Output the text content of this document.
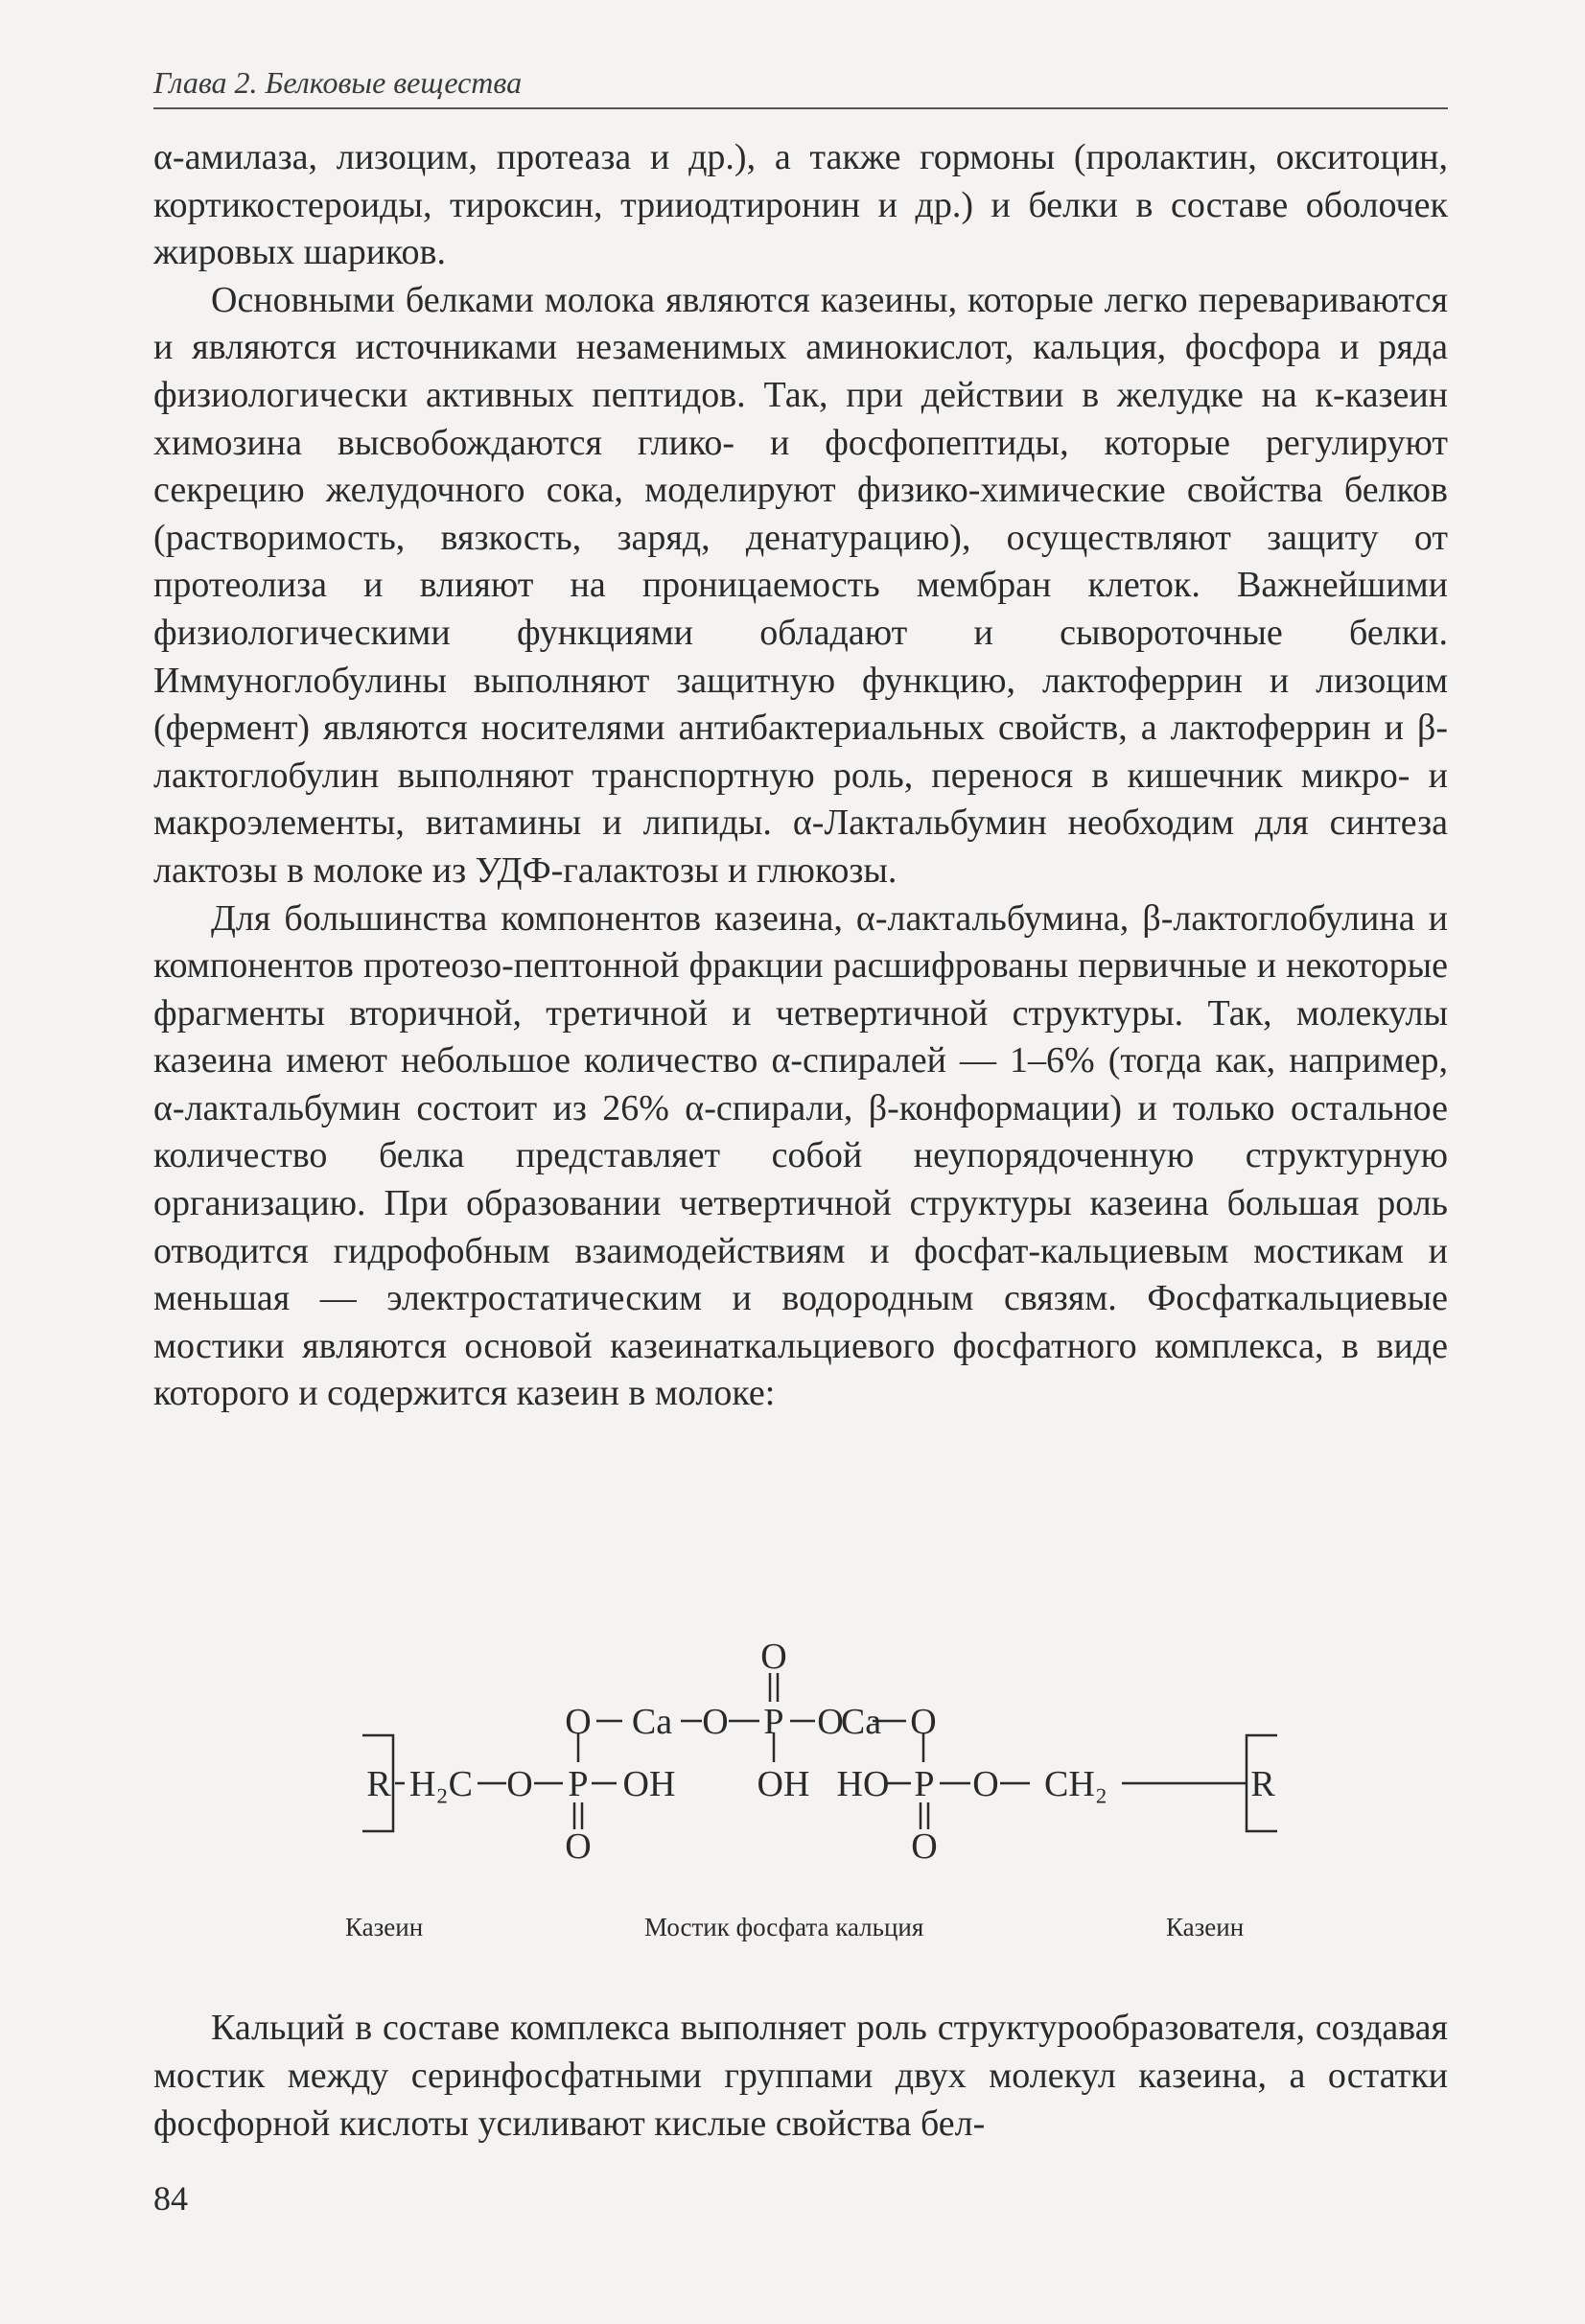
Глава 2. Белковые вещества

α-амилаза, лизоцим, протеаза и др.), а также гормоны (пролактин, окситоцин, кортикостероиды, тироксин, трииодтиронин и др.) и белки в составе оболочек жировых шариков.

Основными белками молока являются казеины, которые легко перевариваются и являются источниками незаменимых аминокислот, кальция, фосфора и ряда физиологически активных пептидов. Так, при действии в желудке на к-казеин химозина высвобождаются глико- и фосфопептиды, которые регулируют секрецию желудочного сока, моделируют физико-химические свойства белков (растворимость, вязкость, заряд, денатурацию), осуществляют защиту от протеолиза и влияют на проницаемость мембран клеток. Важнейшими физиологическими функциями обладают и сывороточные белки. Иммуноглобулины выполняют защитную функцию, лактоферрин и лизоцим (фермент) являются носителями антибактериальных свойств, а лактоферрин и β-лактоглобулин выполняют транспортную роль, перенося в кишечник микро- и макроэлементы, витамины и липиды. α-Лактальбумин необходим для синтеза лактозы в молоке из УДФ-галактозы и глюкозы.

Для большинства компонентов казеина, α-лактальбумина, β-лактоглобулина и компонентов протеозо-пептонной фракции расшифрованы первичные и некоторые фрагменты вторичной, третичной и четвертичной структуры. Так, молекулы казеина имеют небольшое количество α-спиралей — 1–6% (тогда как, например, α-лактальбумин состоит из 26% α-спирали, β-конформации) и только остальное количество белка представляет собой неупорядоченную структурную организацию. При образовании четвертичной структуры казеина большая роль отводится гидрофобным взаимодействиям и фосфат-кальциевым мостикам и меньшая — электростатическим и водородным связям. Фосфаткальциевые мостики являются основой казеинаткальциевого фосфатного комплекса, в виде которого и содержится казеин в молоке:

O
O Ca O P O
Ca O
R H₂C O P OH OH HO P O CH₂	R
O	O
Казеин	Мостик фосфата кальция	Казеин

Кальций в составе комплекса выполняет роль структурообразователя, создавая мостик между серинфосфатными группами двух молекул казеина, а остатки фосфорной кислоты усиливают кислые свойства бел-

84
